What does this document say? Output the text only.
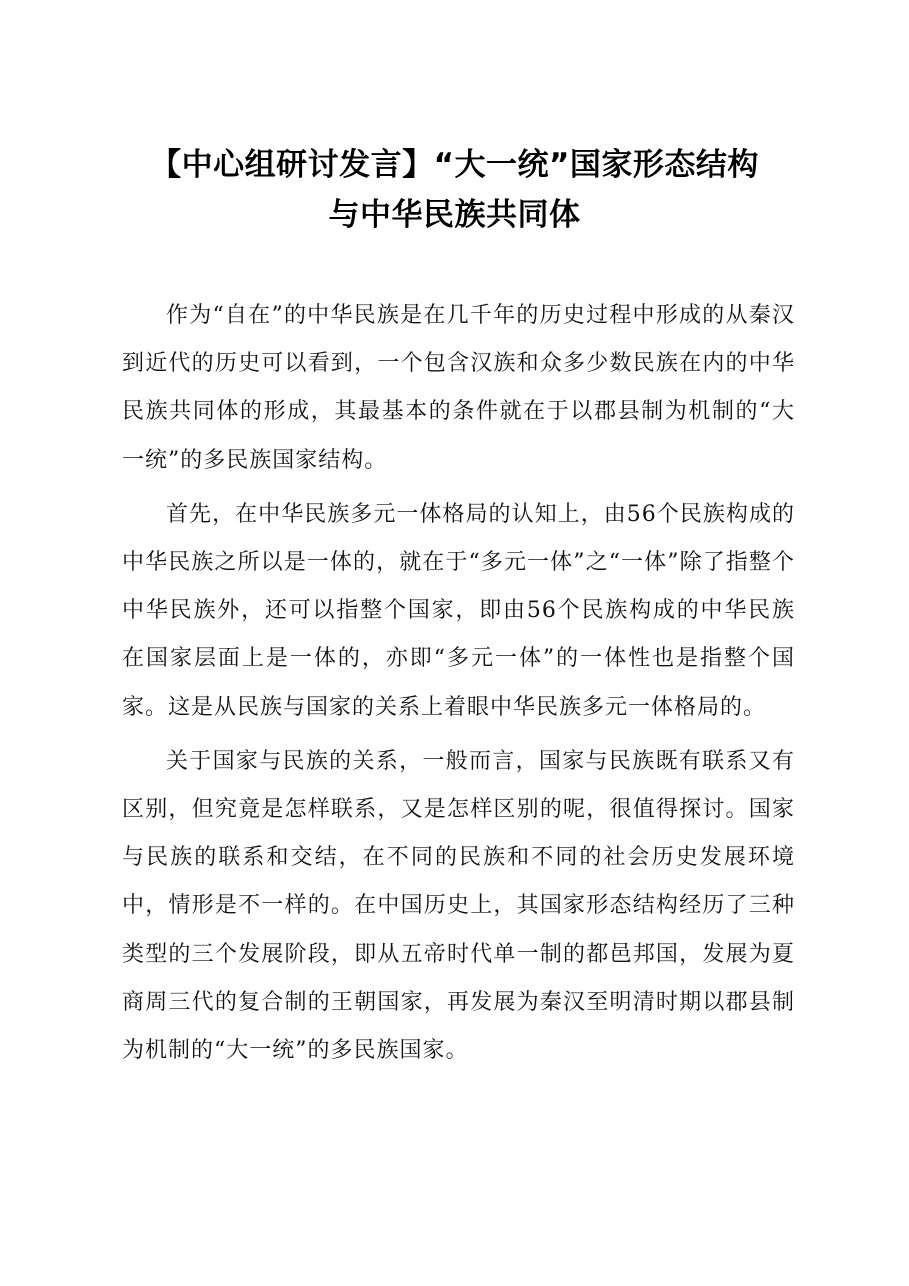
【中心组研讨发言】“大一统”国家形态结构
与中华民族共同体

作为“自在”的中华民族是在几千年的历史过程中形成的从秦汉到近代的历史可以看到，一个包含汉族和众多少数民族在内的中华民族共同体的形成，其最基本的条件就在于以郡县制为机制的“大一统”的多民族国家结构。

首先，在中华民族多元一体格局的认知上，由56个民族构成的中华民族之所以是一体的，就在于“多元一体”之“一体”除了指整个中华民族外，还可以指整个国家，即由56个民族构成的中华民族在国家层面上是一体的，亦即“多元一体”的一体性也是指整个国家。这是从民族与国家的关系上着眼中华民族多元一体格局的。

关于国家与民族的关系，一般而言，国家与民族既有联系又有区别，但究竟是怎样联系，又是怎样区别的呢，很值得探讨。国家与民族的联系和交结，在不同的民族和不同的社会历史发展环境中，情形是不一样的。在中国历史上，其国家形态结构经历了三种类型的三个发展阶段，即从五帝时代单一制的都邑邦国，发展为夏商周三代的复合制的王朝国家，再发展为秦汉至明清时期以郡县制为机制的“大一统”的多民族国家。
